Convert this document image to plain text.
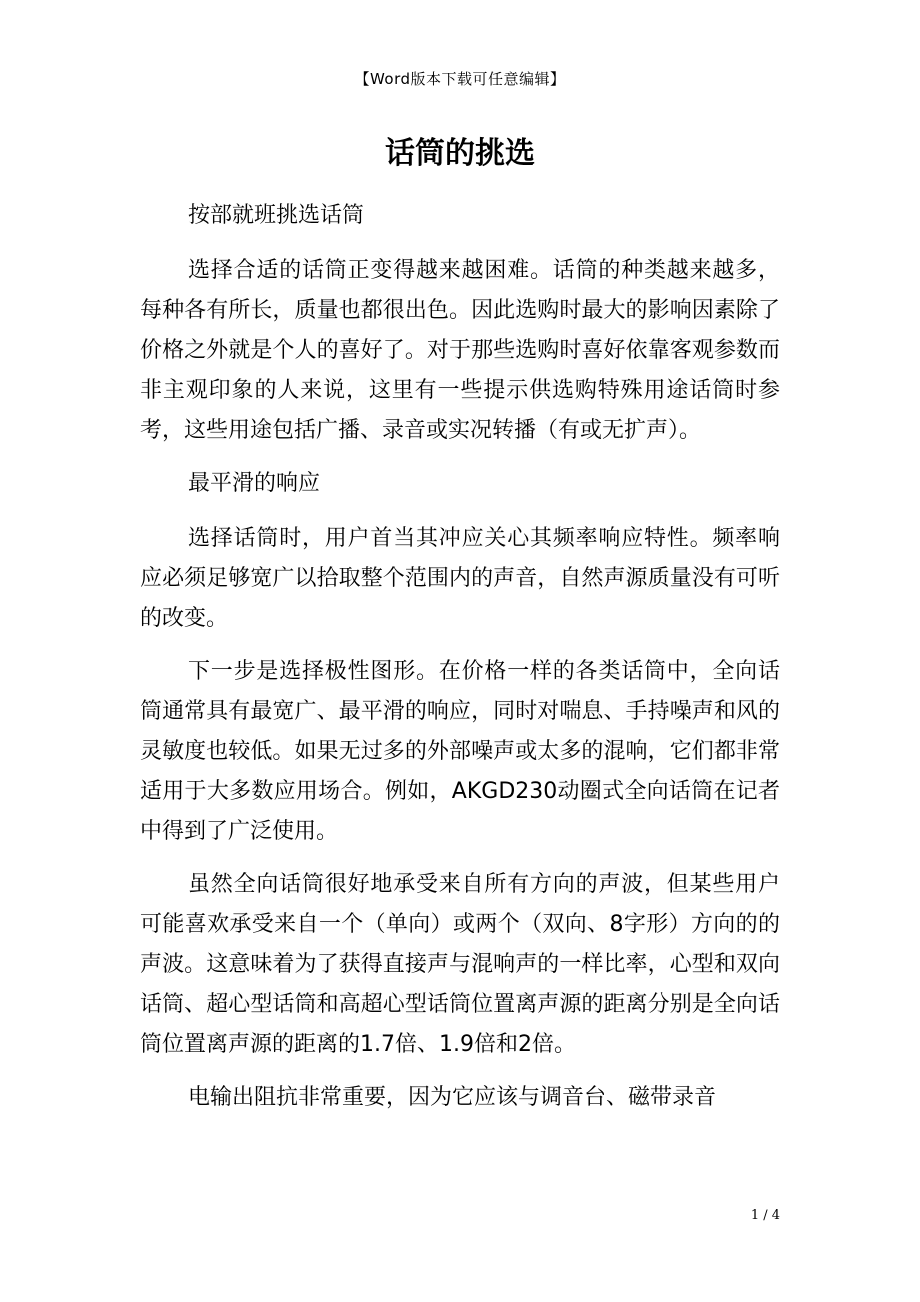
【Word版本下载可任意编辑】
话筒的挑选

按部就班挑选话筒

选择合适的话筒正变得越来越困难。话筒的种类越来越多，每种各有所长，质量也都很出色。因此选购时最大的影响因素除了价格之外就是个人的喜好了。对于那些选购时喜好依靠客观参数而非主观印象的人来说，这里有一些提示供选购特殊用途话筒时参考，这些用途包括广播、录音或实况转播（有或无扩声）。

最平滑的响应

选择话筒时，用户首当其冲应关心其频率响应特性。频率响应必须足够宽广以拾取整个范围内的声音，自然声源质量没有可听的改变。

下一步是选择极性图形。在价格一样的各类话筒中，全向话筒通常具有最宽广、最平滑的响应，同时对喘息、手持噪声和风的灵敏度也较低。如果无过多的外部噪声或太多的混响，它们都非常适用于大多数应用场合。例如，AKGD230动圈式全向话筒在记者中得到了广泛使用。

虽然全向话筒很好地承受来自所有方向的声波，但某些用户可能喜欢承受来自一个（单向）或两个（双向、8字形）方向的的声波。这意味着为了获得直接声与混响声的一样比率，心型和双向话筒、超心型话筒和高超心型话筒位置离声源的距离分别是全向话筒位置离声源的距离的1.7倍、1.9倍和2倍。

电输出阻抗非常重要，因为它应该与调音台、磁带录音

1 / 4
